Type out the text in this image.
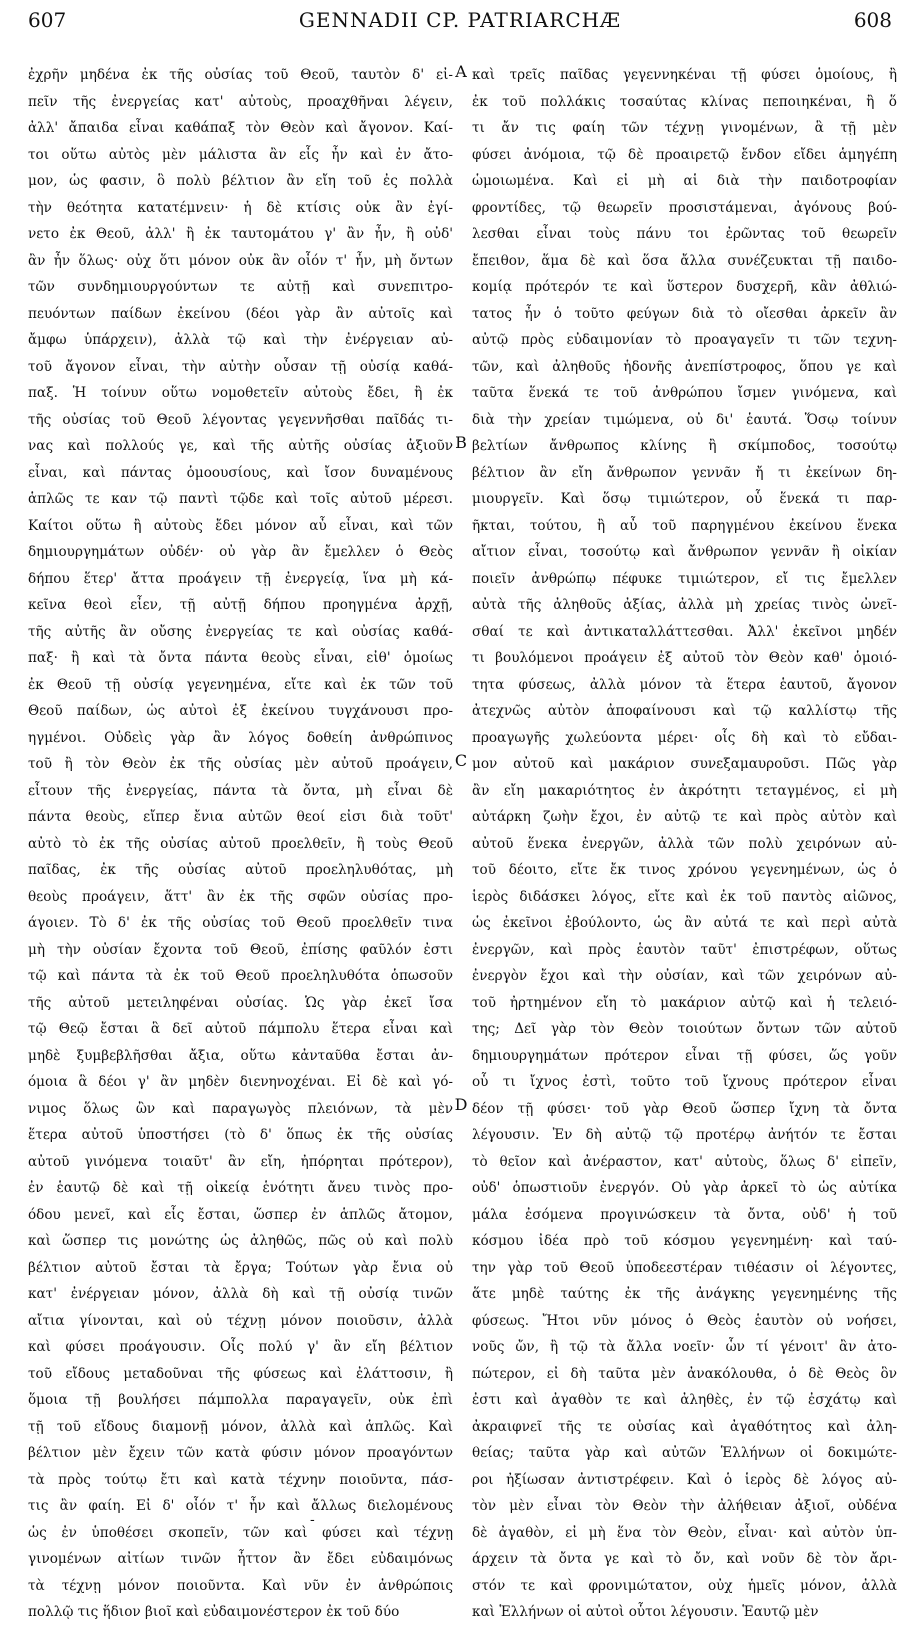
607	GENNADII CP. PATRIARCHÆ	608
ἐχρῆν μηδένα ἐκ τῆς οὐσίας τοῦ Θεοῦ, ταυτὸν δ' εἰ-
πεῖν τῆς ἐνεργείας κατ' αὐτοὺς, προαχθῆναι λέγειν,
ἀλλ' ἄπαιδα εἶναι καθάπαξ τὸν Θεὸν καὶ ἄγονον. Καί-
τοι οὕτω αὐτὸς μὲν μάλιστα ἂν εἷς ἦν καὶ ἐν ἄτο-
μον, ὡς φασιν, ὃ πολὺ βέλτιον ἂν εἴη τοῦ ἐς πολλὰ
τὴν θεότητα κατατέμνειν· ἡ δὲ κτίσις οὐκ ἂν ἐγί-
νετο ἐκ Θεοῦ, ἀλλ' ἢ ἐκ ταυτομάτου γ' ἂν ἦν, ἢ οὐδ'
ἂν ἦν ὅλως· οὐχ ὅτι μόνον οὐκ ἂν οἷόν τ' ἦν, μὴ ὄντων
τῶν συνδημιουργούντων τε αὐτῇ καὶ συνεπιτρο-
πευόντων παίδων ἐκείνου (δέοι γὰρ ἂν αὐτοῖς καὶ
ἄμφω ὑπάρχειν), ἀλλὰ τῷ καὶ τὴν ἐνέργειαν αὐ-
τοῦ ἄγονον εἶναι, τὴν αὐτὴν οὖσαν τῇ οὐσίᾳ καθά-
παξ. Ἡ τοίνυν οὕτω νομοθετεῖν αὐτοὺς ἔδει, ἢ ἐκ
τῆς οὐσίας τοῦ Θεοῦ λέγοντας γεγεννῆσθαι παῖδάς τι-
νας καὶ πολλούς γε, καὶ τῆς αὐτῆς οὐσίας ἀξιοῦν
εἶναι, καὶ πάντας ὁμοουσίους, καὶ ἴσον δυναμένους
ἁπλῶς τε καν τῷ παντὶ τῷδε καὶ τοῖς αὐτοῦ μέρεσι.
Καίτοι οὕτω ἢ αὐτοὺς ἔδει μόνον αὖ εἶναι, καὶ τῶν
δημιουργημάτων οὐδέν· οὐ γὰρ ἂν ἔμελλεν ὁ Θεὸς
δήπου ἕτερ' ἄττα προάγειν τῇ ἐνεργείᾳ, ἵνα μὴ κά-
κεῖνα θεοὶ εἶεν, τῇ αὐτῇ δήπου προηγμένα ἀρχῇ,
τῆς αὐτῆς ἂν οὔσης ἐνεργείας τε καὶ οὐσίας καθά-
παξ· ἢ καὶ τὰ ὄντα πάντα θεοὺς εἶναι, εἰθ' ὁμοίως
ἐκ Θεοῦ τῇ οὐσίᾳ γεγενημένα, εἴτε καὶ ἐκ τῶν τοῦ
Θεοῦ παίδων, ὡς αὐτοὶ ἐξ ἐκείνου τυγχάνουσι προ-
ηγμένοι. Οὐδεὶς γὰρ ἂν λόγος δοθείη ἀνθρώπινος
τοῦ ἢ τὸν Θεὸν ἐκ τῆς οὐσίας μὲν αὐτοῦ προάγειν,
εἶτουν τῆς ἐνεργείας, πάντα τὰ ὄντα, μὴ εἶναι δὲ
πάντα θεοὺς, εἴπερ ἔνια αὐτῶν θεοί εἰσι διὰ τοῦτ'
αὐτὸ τὸ ἐκ τῆς οὐσίας αὐτοῦ προελθεῖν, ἢ τοὺς Θεοῦ
παῖδας, ἐκ τῆς οὐσίας αὐτοῦ προεληλυθότας, μὴ
θεοὺς προάγειν, ἅττ' ἂν ἐκ τῆς σφῶν οὐσίας προ-
άγοιεν. Τὸ δ' ἐκ τῆς οὐσίας τοῦ Θεοῦ προελθεῖν τινα
μὴ τὴν οὐσίαν ἔχοντα τοῦ Θεοῦ, ἐπίσης φαῦλόν ἐστι
τῷ καὶ πάντα τὰ ἐκ τοῦ Θεοῦ προεληλυθότα ὁπωσοῦν
τῆς αὐτοῦ μετειληφέναι οὐσίας. Ὡς γὰρ ἐκεῖ ἴσα
τῷ Θεῷ ἔσται ἃ δεῖ αὐτοῦ πάμπολυ ἕτερα εἶναι καὶ
μηδὲ ξυμβεβλῆσθαι ἄξια, οὕτω κἀνταῦθα ἔσται ἀν-
όμοια ἃ δέοι γ' ἂν μηδὲν διενηνοχέναι. Εἰ δὲ καὶ γό-
νιμος ὅλως ὢν καὶ παραγωγὸς πλειόνων, τὰ μὲν
ἕτερα αὐτοῦ ὑποστήσει (τὸ δ' ὅπως ἐκ τῆς οὐσίας
αὐτοῦ γινόμενα τοιαῦτ' ἂν εἴη, ἠπόρηται πρότερον),
ἐν ἑαυτῷ δὲ καὶ τῇ οἰκείᾳ ἑνότητι ἄνευ τινὸς προ-
όδου μενεῖ, καὶ εἷς ἔσται, ὥσπερ ἐν ἁπλῶς ἄτομον,
καὶ ὥσπερ τις μονώτης ὡς ἀληθῶς, πῶς οὐ καὶ πολὺ
βέλτιον αὐτοῦ ἔσται τὰ ἔργα; Τούτων γὰρ ἔνια οὐ
κατ' ἐνέργειαν μόνον, ἀλλὰ δὴ καὶ τῇ οὐσίᾳ τινῶν
αἴτια γίνονται, καὶ οὐ τέχνῃ μόνον ποιοῦσιν, ἀλλὰ
καὶ φύσει προάγουσιν. Οἷς πολύ γ' ἂν εἴη βέλτιον
τοῦ εἴδους μεταδοῦναι τῆς φύσεως καὶ ἐλάττοσιν, ἢ
ὅμοια τῇ βουλήσει πάμπολλα παραγαγεῖν, οὐκ ἐπὶ
τῇ τοῦ εἴδους διαμονῇ μόνον, ἀλλὰ καὶ ἁπλῶς. Καὶ
βέλτιον μὲν ἔχειν τῶν κατὰ φύσιν μόνον προαγόντων
τὰ πρὸς τούτῳ ἔτι καὶ κατὰ τέχνην ποιοῦντα, πάσ-
τις ἂν φαίη. Εἰ δ' οἷόν τ' ἦν καὶ ἄλλως διελομένους
ὡς ἐν ὑποθέσει σκοπεῖν, τῶν καὶ φύσει καὶ τέχνῃ
γινομένων αἰτίων τινῶν ἧττον ἂν ἔδει εὐδαιμόνως
τὰ τέχνῃ μόνον ποιοῦντα. Καὶ νῦν ἐν ἀνθρώποις
πολλῷ τις ἥδιον βιοῖ καὶ εὐδαιμονέστερον ἐκ τοῦ δύο
καὶ τρεῖς παῖδας γεγεννηκέναι τῇ φύσει ὁμοίους, ἢ
ἐκ τοῦ πολλάκις τοσαύτας κλίνας πεποιηκέναι, ἢ ὅ
τι ἄν τις φαίη τῶν τέχνῃ γινομένων, ἃ τῇ μὲν
φύσει ἀνόμοια, τῷ δὲ προαιρετῷ ἔνδον εἴδει ἁμηγέπη
ὡμοιωμένα. Καὶ εἰ μὴ αἱ διὰ τὴν παιδοτροφίαν
φροντίδες, τῷ θεωρεῖν προσιστάμεναι, ἀγόνους βού-
λεσθαι εἶναι τοὺς πάνυ τοι ἐρῶντας τοῦ θεωρεῖν
ἔπειθον, ἅμα δὲ καὶ ὅσα ἄλλα συνέζευκται τῇ παιδο-
κομίᾳ πρότερόν τε καὶ ὕστερον δυσχερῆ, κἂν ἀθλιώ-
τατος ἦν ὁ τοῦτο φεύγων διὰ τὸ οἴεσθαι ἀρκεῖν ἂν
αὐτῷ πρὸς εὐδαιμονίαν τὸ προαγαγεῖν τι τῶν τεχνη-
τῶν, καὶ ἀληθοῦς ἡδονῆς ἀνεπίστροφος, ὅπου γε καὶ
ταῦτα ἕνεκά τε τοῦ ἀνθρώπου ἴσμεν γινόμενα, καὶ
διὰ τὴν χρείαν τιμώμενα, οὐ δι' ἑαυτά. Ὅσῳ τοίνυν
βελτίων ἄνθρωπος κλίνης ἢ σκίμποδος, τοσούτῳ
βέλτιον ἂν εἴη ἄνθρωπον γεννᾶν ἤ τι ἐκείνων δη-
μιουργεῖν. Καὶ ὅσῳ τιμιώτερον, οὗ ἕνεκά τι παρ-
ῆκται, τούτου, ἢ αὖ τοῦ παρηγμένου ἐκείνου ἕνεκα
αἴτιον εἶναι, τοσούτῳ καὶ ἄνθρωπον γεννᾶν ἢ οἰκίαν
ποιεῖν ἀνθρώπῳ πέφυκε τιμιώτερον, εἴ τις ἔμελλεν
αὐτὰ τῆς ἀληθοῦς ἀξίας, ἀλλὰ μὴ χρείας τινὸς ὠνεῖ-
σθαί τε καὶ ἀντικαταλλάττεσθαι. Ἀλλ' ἐκεῖνοι μηδέν
τι βουλόμενοι προάγειν ἐξ αὐτοῦ τὸν Θεὸν καθ' ὁμοιό-
τητα φύσεως, ἀλλὰ μόνον τὰ ἕτερα ἑαυτοῦ, ἄγονον
ἀτεχνῶς αὐτὸν ἀποφαίνουσι καὶ τῷ καλλίστῳ τῆς
προαγωγῆς χωλεύοντα μέρει· οἷς δὴ καὶ τὸ εὔδαι-
μον αὐτοῦ καὶ μακάριον συνεξαμαυροῦσι. Πῶς γὰρ
ἂν εἴη μακαριότητος ἐν ἀκρότητι τεταγμένος, εἰ μὴ
αὐτάρκη ζωὴν ἔχοι, ἐν αὐτῷ τε καὶ πρὸς αὐτὸν καὶ
αὐτοῦ ἕνεκα ἐνεργῶν, ἀλλὰ τῶν πολὺ χειρόνων αὐ-
τοῦ δέοιτο, εἴτε ἔκ τινος χρόνου γεγενημένων, ὡς ὁ
ἱερὸς διδάσκει λόγος, εἴτε καὶ ἐκ τοῦ παντὸς αἰῶνος,
ὡς ἐκεῖνοι ἐβούλοντο, ὡς ἂν αὐτά τε καὶ περὶ αὐτὰ
ἐνεργῶν, καὶ πρὸς ἑαυτὸν ταῦτ' ἐπιστρέφων, οὕτως
ἐνεργὸν ἔχοι καὶ τὴν οὐσίαν, καὶ τῶν χειρόνων αὐ-
τοῦ ἠρτημένον εἴη τὸ μακάριον αὐτῷ καὶ ἡ τελειό-
της; Δεῖ γὰρ τὸν Θεὸν τοιούτων ὄντων τῶν αὐτοῦ
δημιουργημάτων πρότερον εἶναι τῇ φύσει, ὥς γοῦν
οὗ τι ἴχνος ἐστὶ, τοῦτο τοῦ ἴχνους πρότερον εἶναι
δέον τῇ φύσει· τοῦ γὰρ Θεοῦ ὥσπερ ἴχνη τὰ ὄντα
λέγουσιν. Ἐν δὴ αὐτῷ τῷ προτέρῳ ἀνήτόν τε ἔσται
τὸ θεῖον καὶ ἀνέραστον, κατ' αὐτοὺς, ὅλως δ' εἰπεῖν,
οὐδ' ὁπωστιοῦν ἐνεργόν. Οὐ γὰρ ἀρκεῖ τὸ ὡς αὐτίκα
μάλα ἐσόμενα προγινώσκειν τὰ ὄντα, οὐδ' ἡ τοῦ
κόσμου ἰδέα πρὸ τοῦ κόσμου γεγενημένη· καὶ ταύ-
την γὰρ τοῦ Θεοῦ ὑποδεεστέραν τιθέασιν οἱ λέγοντες,
ἅτε μηδὲ ταύτης ἐκ τῆς ἀνάγκης γεγενημένης τῆς
φύσεως. Ἤτοι νῦν μόνος ὁ Θεὸς ἑαυτὸν οὐ νοήσει,
νοῦς ὤν, ἢ τῷ τὰ ἄλλα νοεῖν· ὧν τί γένοιτ' ἂν ἀτο-
πώτερον, εἰ δὴ ταῦτα μὲν ἀνακόλουθα, ὁ δὲ Θεὸς ὃν
ἐστι καὶ ἀγαθὸν τε καὶ ἀληθὲς, ἐν τῷ ἐσχάτῳ καὶ
ἀκραιφνεῖ τῆς τε οὐσίας καὶ ἀγαθότητος καὶ ἀλη-
θείας; ταῦτα γὰρ καὶ αὐτῶν Ἑλλήνων οἱ δοκιμώτε-
ροι ἠξίωσαν ἀντιστρέφειν. Καὶ ὁ ἱερὸς δὲ λόγος αὐ-
τὸν μὲν εἶναι τὸν Θεὸν τὴν ἀλήθειαν ἀξιοῖ, οὐδένα
δὲ ἀγαθὸν, εἰ μὴ ἕνα τὸν Θεὸν, εἶναι· καὶ αὐτὸν ὑπ-
άρχειν τὰ ὄντα γε καὶ τὸ ὄν, καὶ νοῦν δὲ τὸν ἄρι-
στόν τε καὶ φρονιμώτατον, οὐχ ἡμεῖς μόνον, ἀλλὰ
καὶ Ἑλλήνων οἱ αὐτοὶ οὗτοι λέγουσιν. Ἑαυτῷ μὲν
A
B
C
D
-
